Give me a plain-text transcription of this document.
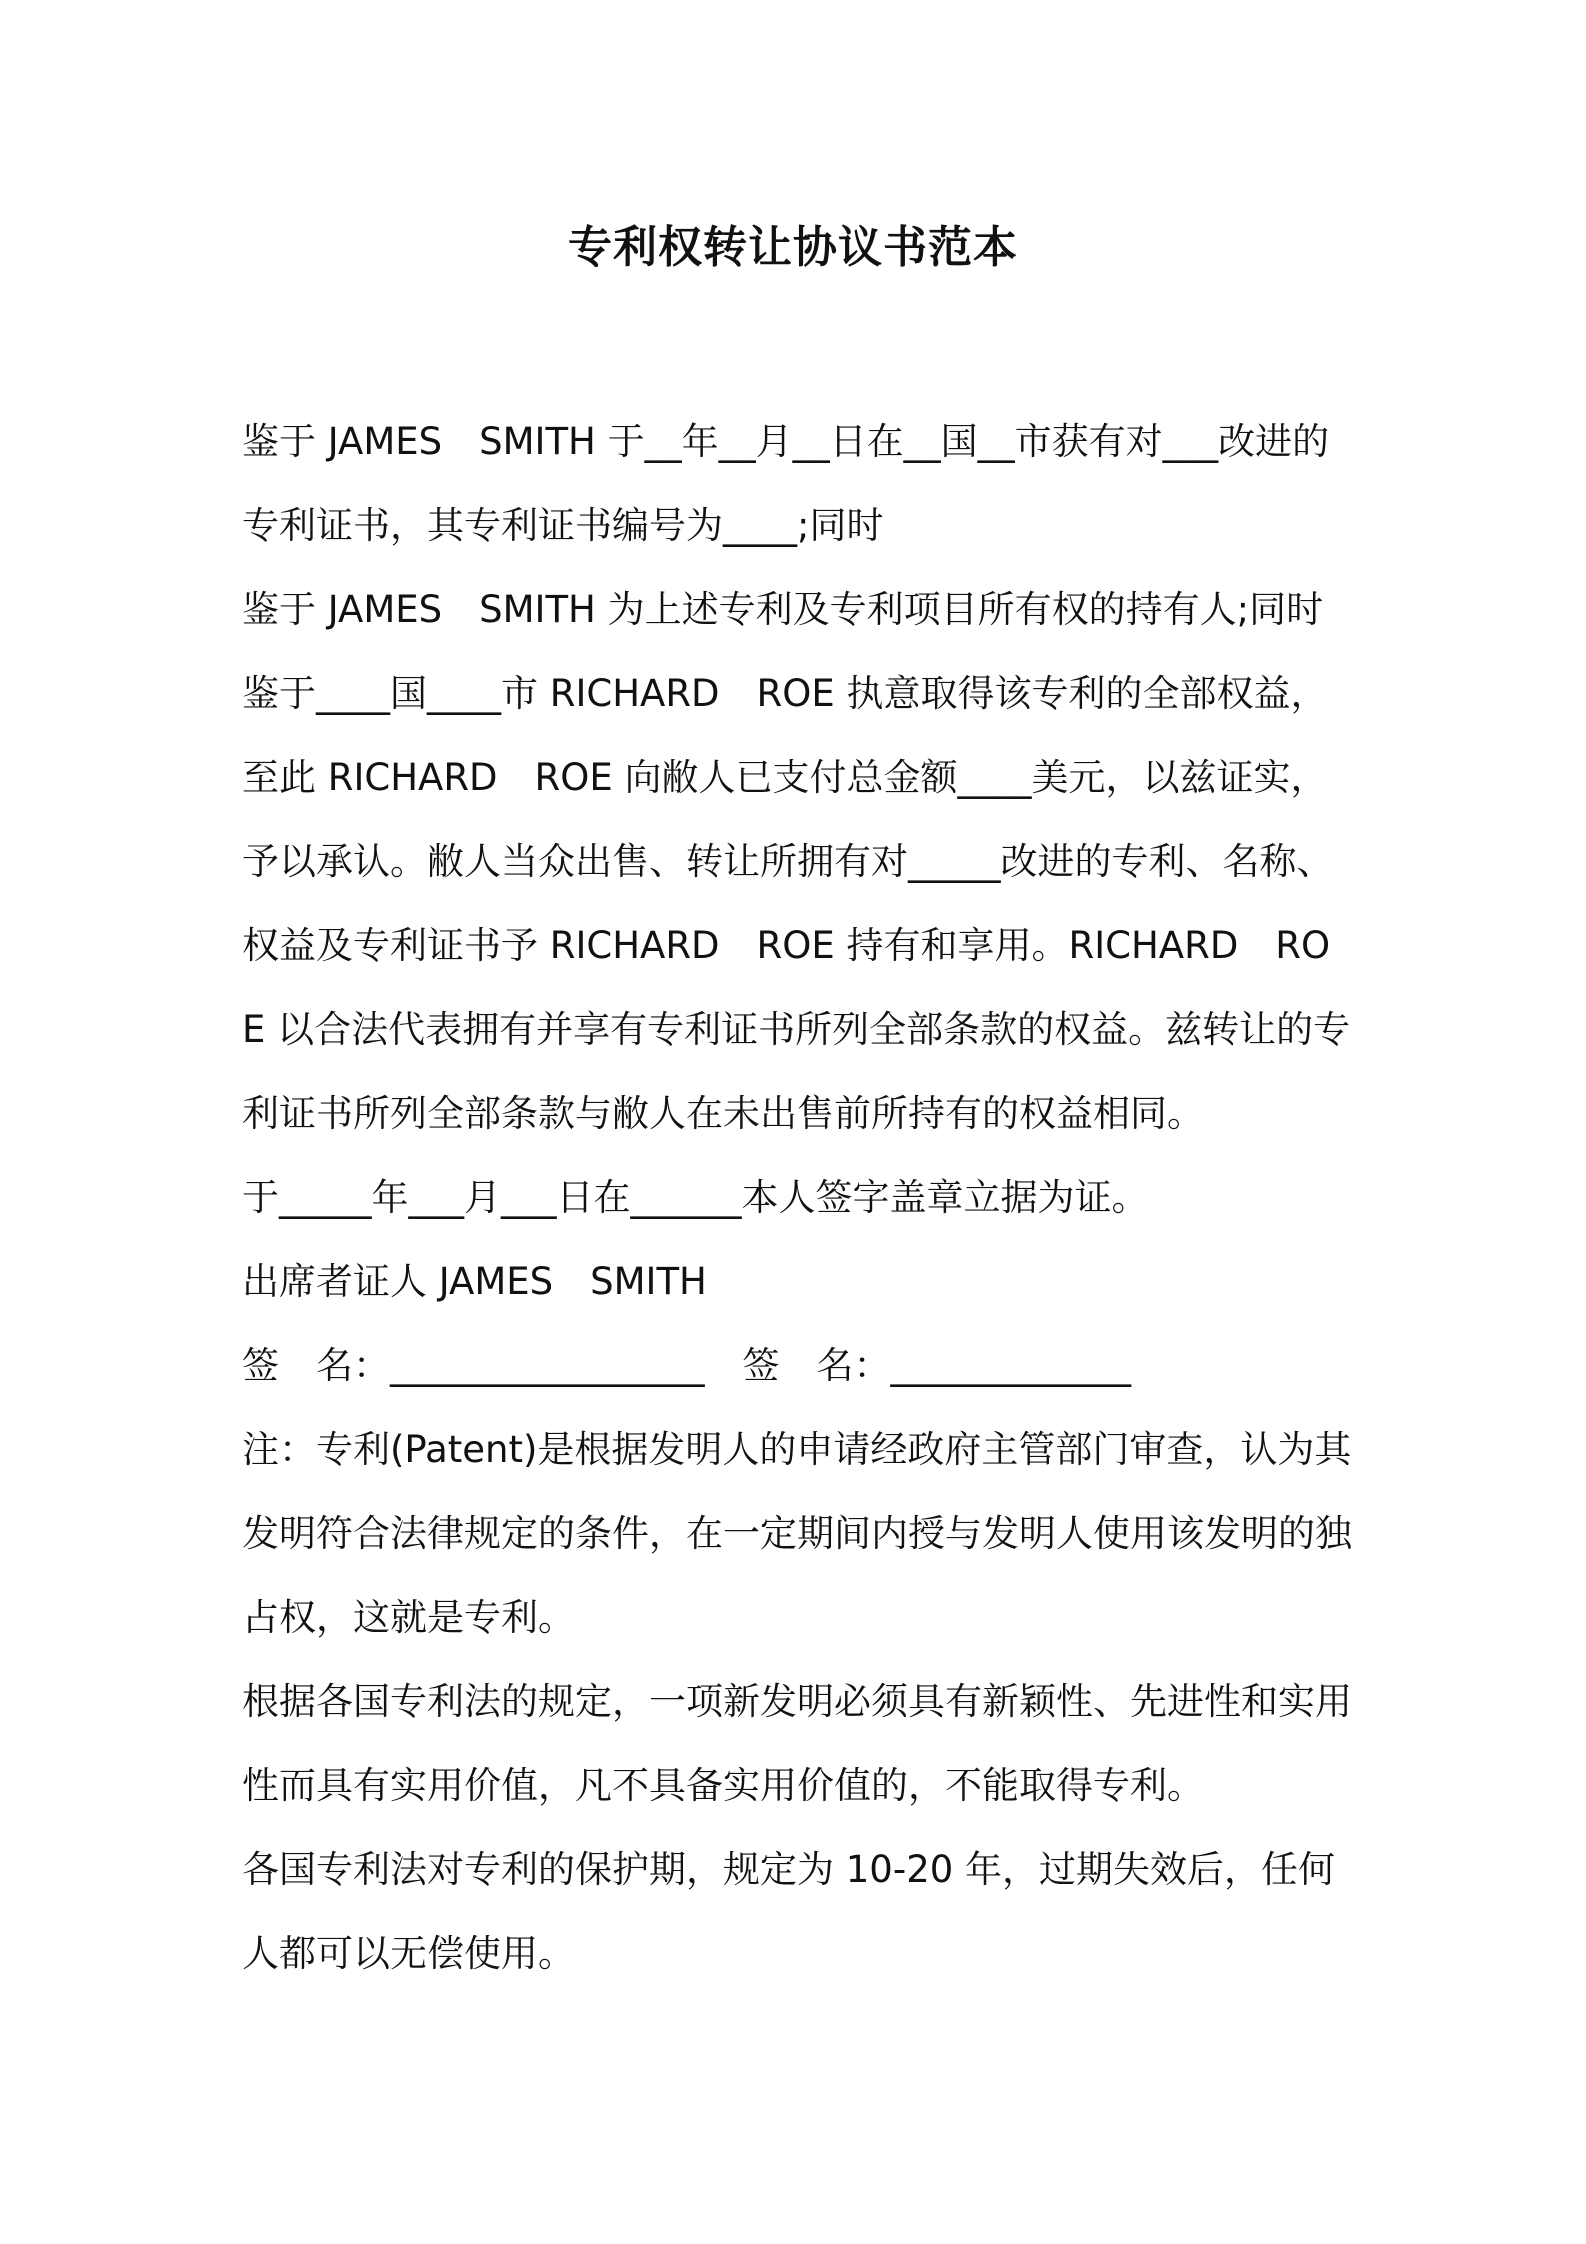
专利权转让协议书范本

鉴于 JAMES　SMITH 于__年__月__日在__国__市获有对___改进的专利证书，其专利证书编号为____;同时

鉴于 JAMES　SMITH 为上述专利及专利项目所有权的持有人;同时

鉴于____国____市 RICHARD　ROE 执意取得该专利的全部权益，至此 RICHARD　ROE 向敝人已支付总金额____美元，以兹证实，予以承认。敝人当众出售、转让所拥有对_____改进的专利、名称、权益及专利证书予 RICHARD　ROE 持有和享用。RICHARD　ROE 以合法代表拥有并享有专利证书所列全部条款的权益。兹转让的专利证书所列全部条款与敝人在未出售前所持有的权益相同。

于_____年___月___日在______本人签字盖章立据为证。

出席者证人 JAMES　SMITH

签　名：_________________ 签　名：_____________

注：专利(Patent)是根据发明人的申请经政府主管部门审查，认为其发明符合法律规定的条件，在一定期间内授与发明人使用该发明的独占权，这就是专利。

根据各国专利法的规定，一项新发明必须具有新颖性、先进性和实用性而具有实用价值，凡不具备实用价值的，不能取得专利。

各国专利法对专利的保护期，规定为 10-20 年，过期失效后，任何人都可以无偿使用。
